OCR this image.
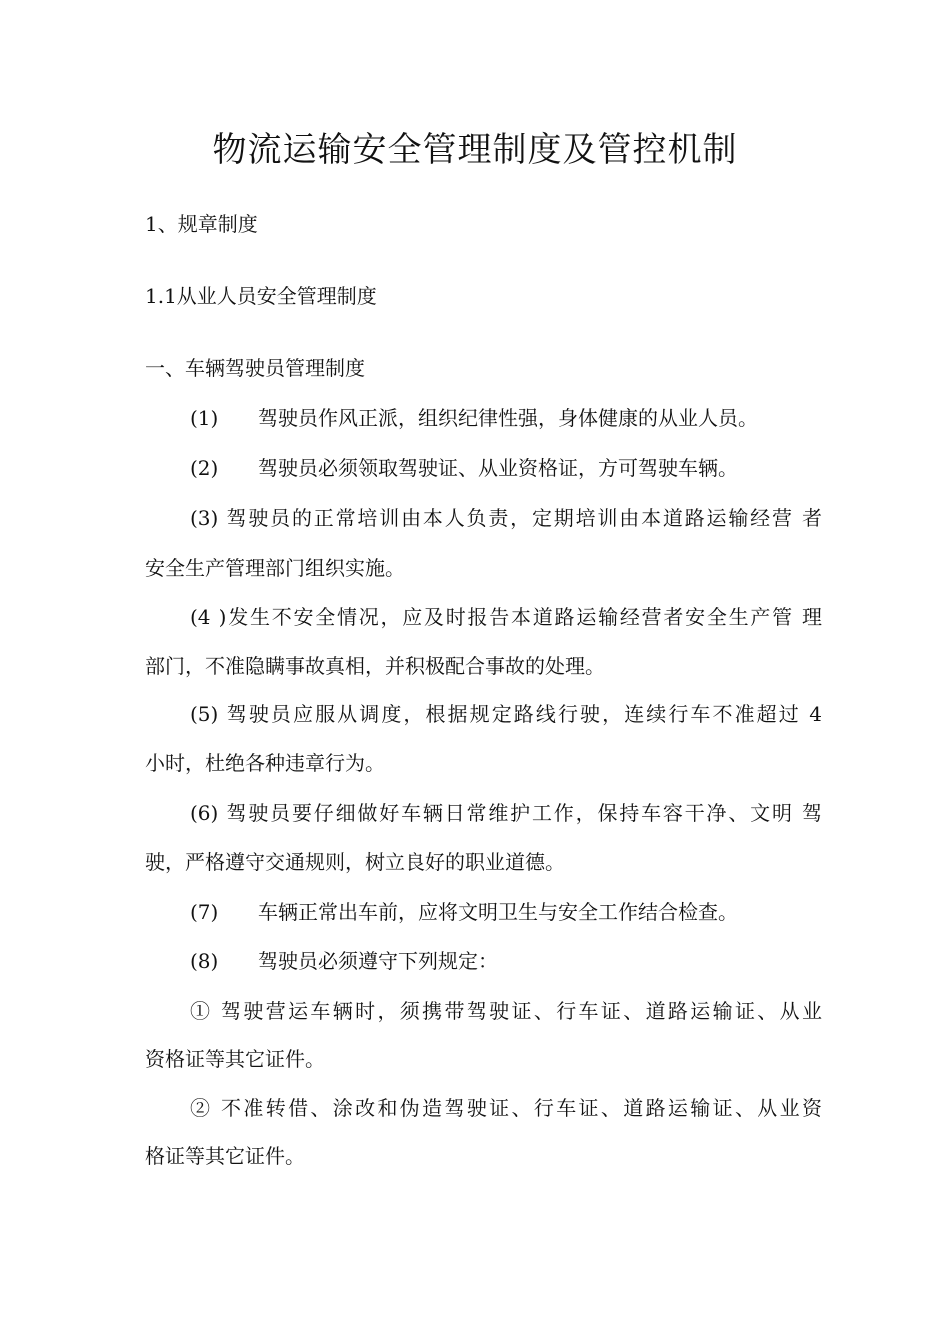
物流运输安全管理制度及管控机制

1、规章制度

1.1从业人员安全管理制度

一、车辆驾驶员管理制度

(1) 驾驶员作风正派，组织纪律性强，身体健康的从业人员。

(2) 驾驶员必须领取驾驶证、从业资格证，方可驾驶车辆。

(3) 驾驶员的正常培训由本人负责，定期培训由本道路运输经营 者

安全生产管理部门组织实施。

(4 )发生不安全情况，应及时报告本道路运输经营者安全生产管 理

部门，不准隐瞒事故真相，并积极配合事故的处理。

(5) 驾驶员应服从调度，根据规定路线行驶，连续行车不准超过 4

小时，杜绝各种违章行为。

(6) 驾驶员要仔细做好车辆日常维护工作，保持车容干净、文明 驾

驶，严格遵守交通规则，树立良好的职业道德。

(7) 车辆正常出车前，应将文明卫生与安全工作结合检查。

(8) 驾驶员必须遵守下列规定：

① 驾驶营运车辆时，须携带驾驶证、行车证、道路运输证、从业

资格证等其它证件。

② 不准转借、涂改和伪造驾驶证、行车证、道路运输证、从业资

格证等其它证件。
